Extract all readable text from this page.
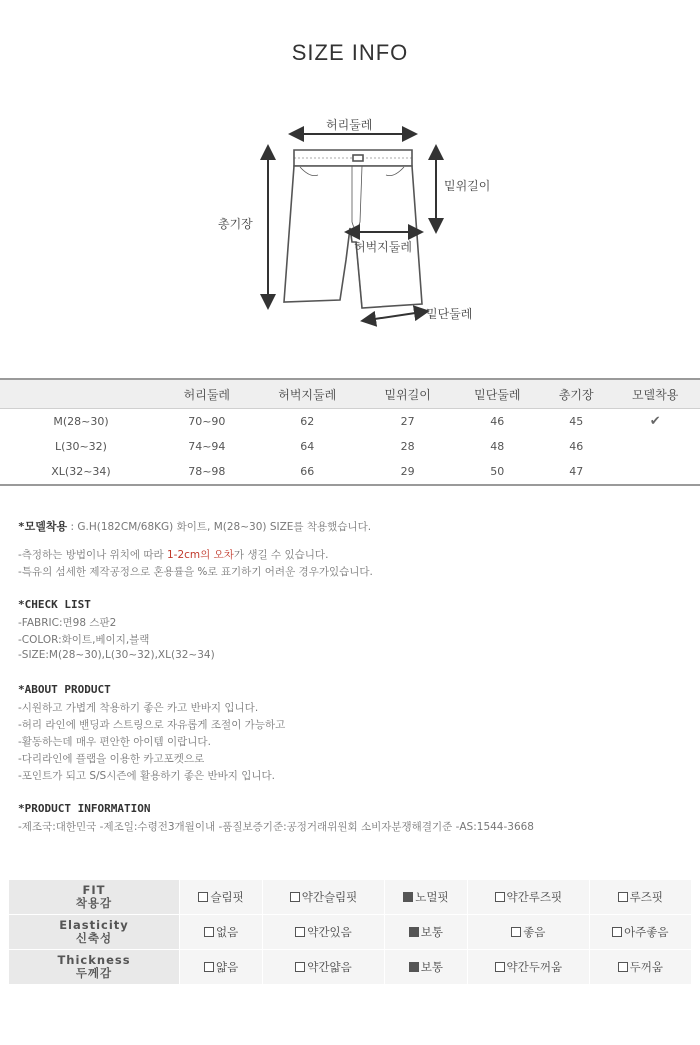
SIZE INFO
허리둘레
밑위길이
총기장
허벅지둘레
밑단둘레
	허리둘레	허벅지둘레	밑위길이	밑단둘레	총기장	모델착용
M(28~30)	70~90	62	27	46	45	✔
L(30~32)	74~94	64	28	48	46	
XL(32~34)	78~98	66	29	50	47	
*모델착용 : G.H(182CM/68KG) 화이트, M(28~30) SIZE를 착용했습니다.
-측정하는 방법이나 위치에 따라 1-2cm의 오차가 생길 수 있습니다.
-특유의 섬세한 제작공정으로 혼용률을 %로 표기하기 어려운 경우가있습니다.
*CHECK LIST
-FABRIC:면98 스판2
-COLOR:화이트,베이지,블랙
-SIZE:M(28~30),L(30~32),XL(32~34)
*ABOUT PRODUCT
-시원하고 가볍게 착용하기 좋은 카고 반바지 입니다.
-허리 라인에 밴딩과 스트링으로 자유롭게 조절이 가능하고
-활동하는데 매우 편안한 아이템 이랍니다.
-다리라인에 플랩을 이용한 카고포켓으로
-포인트가 되고 S/S시즌에 활용하기 좋은 반바지 입니다.
*PRODUCT INFORMATION
-제조국:대한민국 -제조일:수령전3개월이내 -품질보증기준:공정거래위원회 소비자분쟁해결기준 -AS:1544-3668
FIT
착용감	슬림핏	약간슬림핏	노멀핏	약간루즈핏	루즈핏

Elasticity
신축성	없음	약간있음	보통	좋음	아주좋음

Thickness
두께감	얇음	약간얇음	보통	약간두꺼움	두꺼움
